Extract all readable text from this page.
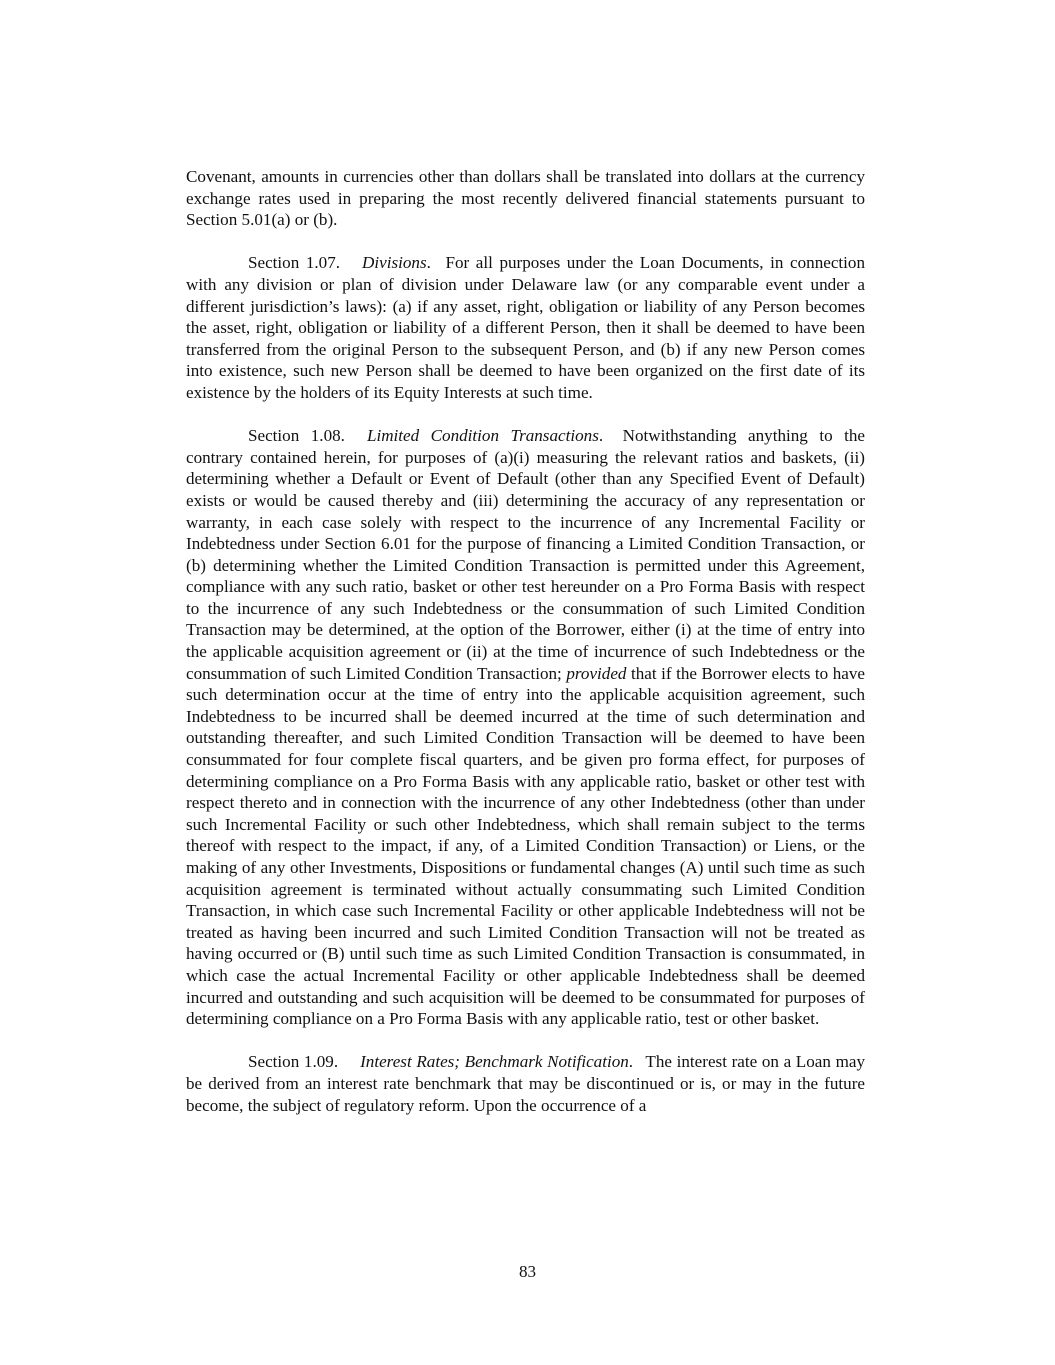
Covenant, amounts in currencies other than dollars shall be translated into dollars at the currency exchange rates used in preparing the most recently delivered financial statements pursuant to Section 5.01(a) or (b).

Section 1.07. Divisions. For all purposes under the Loan Documents, in connection with any division or plan of division under Delaware law (or any comparable event under a different jurisdiction’s laws): (a) if any asset, right, obligation or liability of any Person becomes the asset, right, obligation or liability of a different Person, then it shall be deemed to have been transferred from the original Person to the subsequent Person, and (b) if any new Person comes into existence, such new Person shall be deemed to have been organized on the first date of its existence by the holders of its Equity Interests at such time.

Section 1.08. Limited Condition Transactions. Notwithstanding anything to the contrary contained herein, for purposes of (a)(i) measuring the relevant ratios and baskets, (ii) determining whether a Default or Event of Default (other than any Specified Event of Default) exists or would be caused thereby and (iii) determining the accuracy of any representation or warranty, in each case solely with respect to the incurrence of any Incremental Facility or Indebtedness under Section 6.01 for the purpose of financing a Limited Condition Transaction, or (b) determining whether the Limited Condition Transaction is permitted under this Agreement, compliance with any such ratio, basket or other test hereunder on a Pro Forma Basis with respect to the incurrence of any such Indebtedness or the consummation of such Limited Condition Transaction may be determined, at the option of the Borrower, either (i) at the time of entry into the applicable acquisition agreement or (ii) at the time of incurrence of such Indebtedness or the consummation of such Limited Condition Transaction; provided that if the Borrower elects to have such determination occur at the time of entry into the applicable acquisition agreement, such Indebtedness to be incurred shall be deemed incurred at the time of such determination and outstanding thereafter, and such Limited Condition Transaction will be deemed to have been consummated for four complete fiscal quarters, and be given pro forma effect, for purposes of determining compliance on a Pro Forma Basis with any applicable ratio, basket or other test with respect thereto and in connection with the incurrence of any other Indebtedness (other than under such Incremental Facility or such other Indebtedness, which shall remain subject to the terms thereof with respect to the impact, if any, of a Limited Condition Transaction) or Liens, or the making of any other Investments, Dispositions or fundamental changes (A) until such time as such acquisition agreement is terminated without actually consummating such Limited Condition Transaction, in which case such Incremental Facility or other applicable Indebtedness will not be treated as having been incurred and such Limited Condition Transaction will not be treated as having occurred or (B) until such time as such Limited Condition Transaction is consummated, in which case the actual Incremental Facility or other applicable Indebtedness shall be deemed incurred and outstanding and such acquisition will be deemed to be consummated for purposes of determining compliance on a Pro Forma Basis with any applicable ratio, test or other basket.

Section 1.09. Interest Rates; Benchmark Notification. The interest rate on a Loan may be derived from an interest rate benchmark that may be discontinued or is, or may in the future become, the subject of regulatory reform. Upon the occurrence of a

83
